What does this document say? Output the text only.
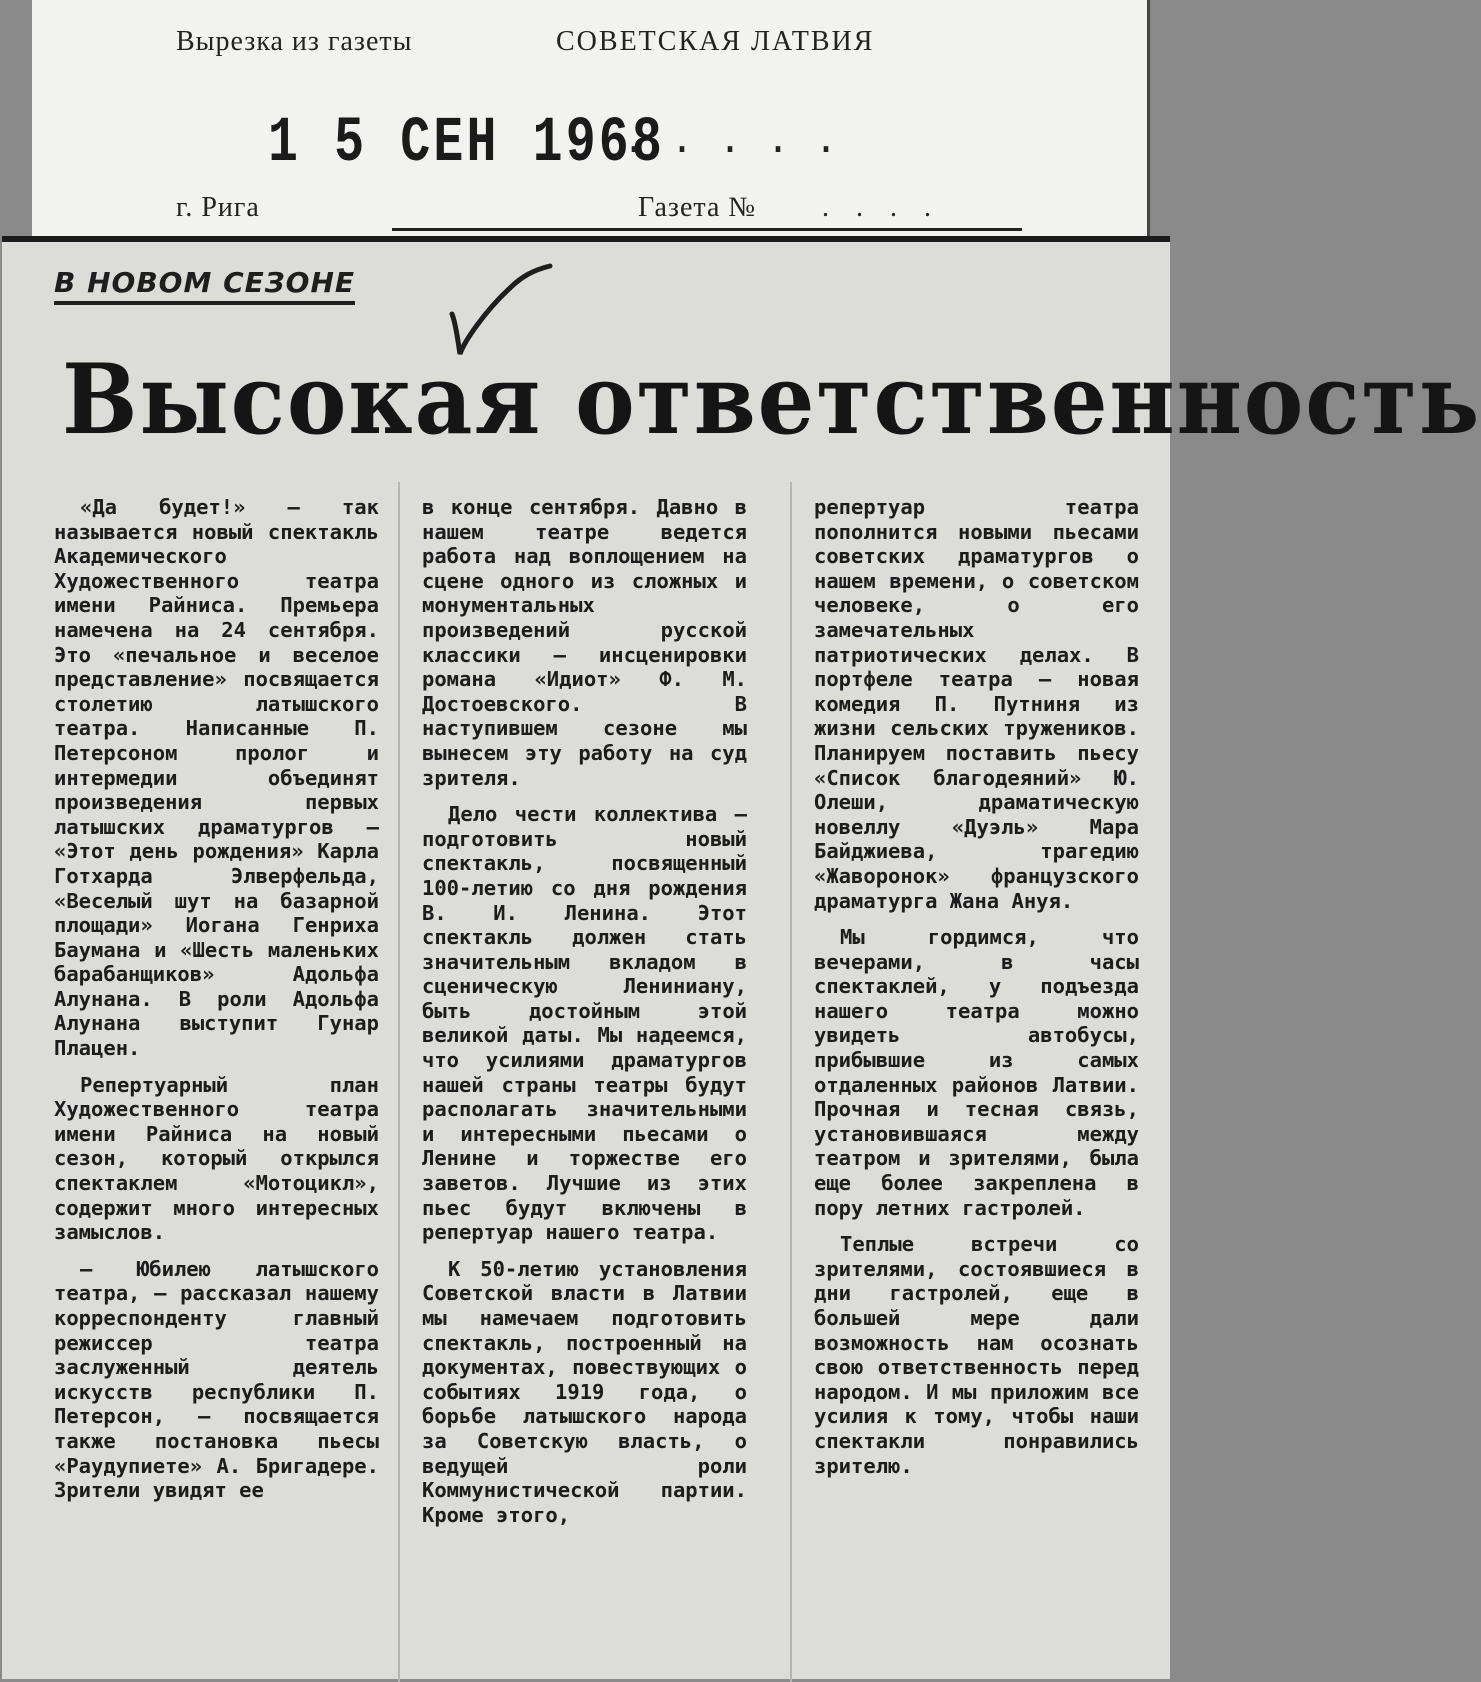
Вырезка из газеты	СОВЕТСКАЯ ЛАТВИЯ
1 5 СЕН 1968
·····
г. Рига	Газета № . . . .
В НОВОМ СЕЗОНЕ
Высокая ответственность

«Да будет!» — так называется новый спектакль Академического Художественного театра имени Райниса. Премьера намечена на 24 сентября. Это «печальное и веселое представление» посвящается столетию латышского театра. Написанные П. Петерсоном пролог и интермедии объединят произведения первых латышских драматургов — «Этот день рождения» Карла Готхарда Элверфельда, «Веселый шут на базарной площади» Иогана Генриха Баумана и «Шесть маленьких барабанщиков» Адольфа Алунана. В роли Адольфа Алунана выступит Гунар Плацен.

Репертуарный план Художественного театра имени Райниса на новый сезон, который открылся спектаклем «Мотоцикл», содержит много интересных замыслов.

— Юбилею латышского театра, — рассказал нашему корреспонденту главный режиссер театра заслуженный деятель искусств республики П. Петерсон, — посвящается также постановка пьесы «Раудупиете» А. Бригадере. Зрители увидят ее

в конце сентября. Давно в нашем театре ведется работа над воплощением на сцене одного из сложных и монументальных произведений русской классики — инсценировки романа «Идиот» Ф. М. Достоевского. В наступившем сезоне мы вынесем эту работу на суд зрителя.

Дело чести коллектива — подготовить новый спектакль, посвященный 100-летию со дня рождения В. И. Ленина. Этот спектакль должен стать значительным вкладом в сценическую Лениниану, быть достойным этой великой даты. Мы надеемся, что усилиями драматургов нашей страны театры будут располагать значительными и интересными пьесами о Ленине и торжестве его заветов. Лучшие из этих пьес будут включены в репертуар нашего театра.

К 50-летию установления Советской власти в Латвии мы намечаем подготовить спектакль, построенный на документах, повествующих о событиях 1919 года, о борьбе латышского народа за Советскую власть, о ведущей роли Коммунистической партии. Кроме этого,

репертуар театра пополнится новыми пьесами советских драматургов о нашем времени, о советском человеке, о его замечательных патриотических делах. В портфеле театра — новая комедия П. Путниня из жизни сельских тружеников. Планируем поставить пьесу «Список благодеяний» Ю. Олеши, драматическую новеллу «Дуэль» Мара Байджиева, трагедию «Жаворонок» французского драматурга Жана Ануя.

Мы гордимся, что вечерами, в часы спектаклей, у подъезда нашего театра можно увидеть автобусы, прибывшие из самых отдаленных районов Латвии. Прочная и тесная связь, установившаяся между театром и зрителями, была еще более закреплена в пору летних гастролей.

Теплые встречи со зрителями, состоявшиеся в дни гастролей, еще в большей мере дали возможность нам осознать свою ответственность перед народом. И мы приложим все усилия к тому, чтобы наши спектакли понравились зрителю.
